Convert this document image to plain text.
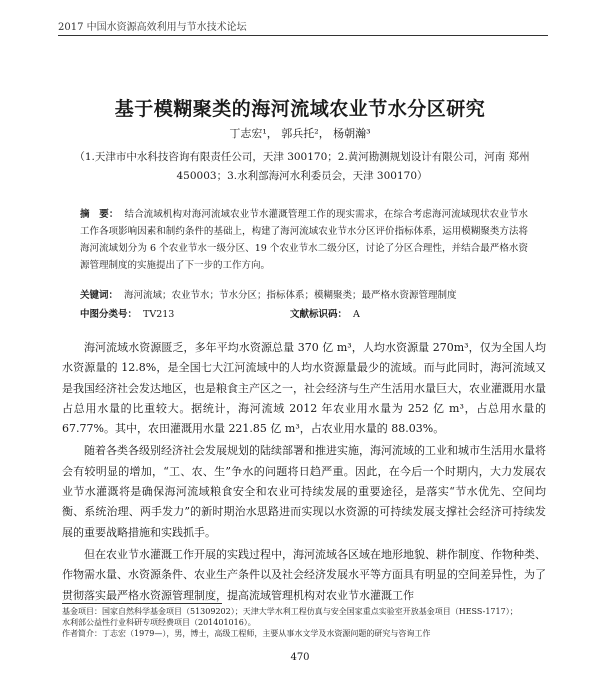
2017 中国水资源高效利用与节水技术论坛
基于模糊聚类的海河流域农业节水分区研究
丁志宏¹， 郭兵托²， 杨朝瀚³
（1.天津市中水科技咨询有限责任公司，天津 300170；2.黄河勘测规划设计有限公司，河南 郑州 450003；3.水利部海河水利委员会，天津 300170）
摘　要： 结合流域机构对海河流域农业节水灌溉管理工作的现实需求，在综合考虑海河流域现状农业节水工作各项影响因素和制约条件的基础上，构建了海河流域农业节水分区评价指标体系，运用模糊聚类方法将海河流域划分为 6 个农业节水一级分区、19 个农业节水二级分区，讨论了分区合理性，并结合最严格水资源管理制度的实施提出了下一步的工作方向。
关键词： 海河流域；农业节水；节水分区；指标体系；模糊聚类；最严格水资源管理制度
中图分类号： TV213	文献标识码： A

海河流域水资源匮乏，多年平均水资源总量 370 亿 m³，人均水资源量 270m³，仅为全国人均水资源量的 12.8%，是全国七大江河流域中的人均水资源量最少的流域。而与此同时，海河流域又是我国经济社会发达地区，也是粮食主产区之一，社会经济与生产生活用水量巨大，农业灌溉用水量占总用水量的比重较大。据统计，海河流域 2012 年农业用水量为 252 亿 m³，占总用水量的 67.77%。其中，农田灌溉用水量 221.85 亿 m³，占农业用水量的 88.03%。

随着各类各级别经济社会发展规划的陆续部署和推进实施，海河流域的工业和城市生活用水量将会有较明显的增加，“工、农、生”争水的问题将日趋严重。因此，在今后一个时期内，大力发展农业节水灌溉将是确保海河流域粮食安全和农业可持续发展的重要途径，是落实“节水优先、空间均衡、系统治理、两手发力”的新时期治水思路进而实现以水资源的可持续发展支撑社会经济可持续发展的重要战略措施和实践抓手。

但在农业节水灌溉工作开展的实践过程中，海河流域各区域在地形地貌、耕作制度、作物种类、作物需水量、水资源条件、农业生产条件以及社会经济发展水平等方面具有明显的空间差异性，为了贯彻落实最严格水资源管理制度，提高流域管理机构对农业节水灌溉工作

基金项目：国家自然科学基金项目（51309202）；天津大学水利工程仿真与安全国家重点实验室开放基金项目（HESS-1717）；
水利部公益性行业科研专项经费项目（201401016）。
作者简介：丁志宏（1979—），男，博士，高级工程师，主要从事水文学及水资源问题的研究与咨询工作
470
